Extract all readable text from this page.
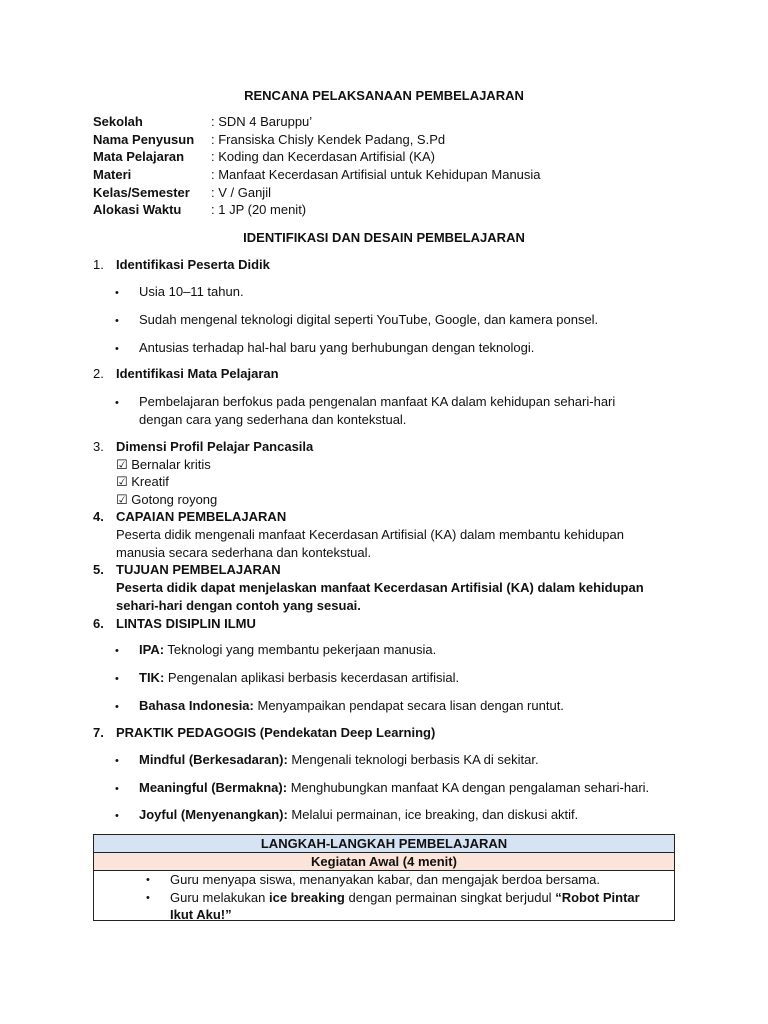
RENCANA PELAKSANAAN PEMBELAJARAN
Sekolah	: SDN 4 Baruppu’
Nama Penyusun : Fransiska Chisly Kendek Padang, S.Pd
Mata Pelajaran : Koding dan Kecerdasan Artifisial (KA)
Materi	: Manfaat Kecerdasan Artifisial untuk Kehidupan Manusia
Kelas/Semester : V / Ganjil
Alokasi Waktu : 1 JP (20 menit)
IDENTIFIKASI DAN DESAIN PEMBELAJARAN
1. Identifikasi Peserta Didik
• Usia 10–11 tahun.
• Sudah mengenal teknologi digital seperti YouTube, Google, dan kamera ponsel.
• Antusias terhadap hal-hal baru yang berhubungan dengan teknologi.
2. Identifikasi Mata Pelajaran
• Pembelajaran berfokus pada pengenalan manfaat KA dalam kehidupan sehari-hari
dengan cara yang sederhana dan kontekstual.
3. Dimensi Profil Pelajar Pancasila
☑ Bernalar kritis
☑ Kreatif
☑ Gotong royong
4. CAPAIAN PEMBELAJARAN
Peserta didik mengenali manfaat Kecerdasan Artifisial (KA) dalam membantu kehidupan
manusia secara sederhana dan kontekstual.
5. TUJUAN PEMBELAJARAN
Peserta didik dapat menjelaskan manfaat Kecerdasan Artifisial (KA) dalam kehidupan
sehari-hari dengan contoh yang sesuai.
6. LINTAS DISIPLIN ILMU
• IPA: Teknologi yang membantu pekerjaan manusia.
• TIK: Pengenalan aplikasi berbasis kecerdasan artifisial.
• Bahasa Indonesia: Menyampaikan pendapat secara lisan dengan runtut.
7. PRAKTIK PEDAGOGIS (Pendekatan Deep Learning)
• Mindful (Berkesadaran): Mengenali teknologi berbasis KA di sekitar.
• Meaningful (Bermakna): Menghubungkan manfaat KA dengan pengalaman sehari-hari.
• Joyful (Menyenangkan): Melalui permainan, ice breaking, dan diskusi aktif.
LANGKAH-LANGKAH PEMBELAJARAN
Kegiatan Awal (4 menit)

• Guru menyapa siswa, menanyakan kabar, dan mengajak berdoa bersama.
• Guru melakukan ice breaking dengan permainan singkat berjudul “Robot Pintar
Ikut Aku!”
